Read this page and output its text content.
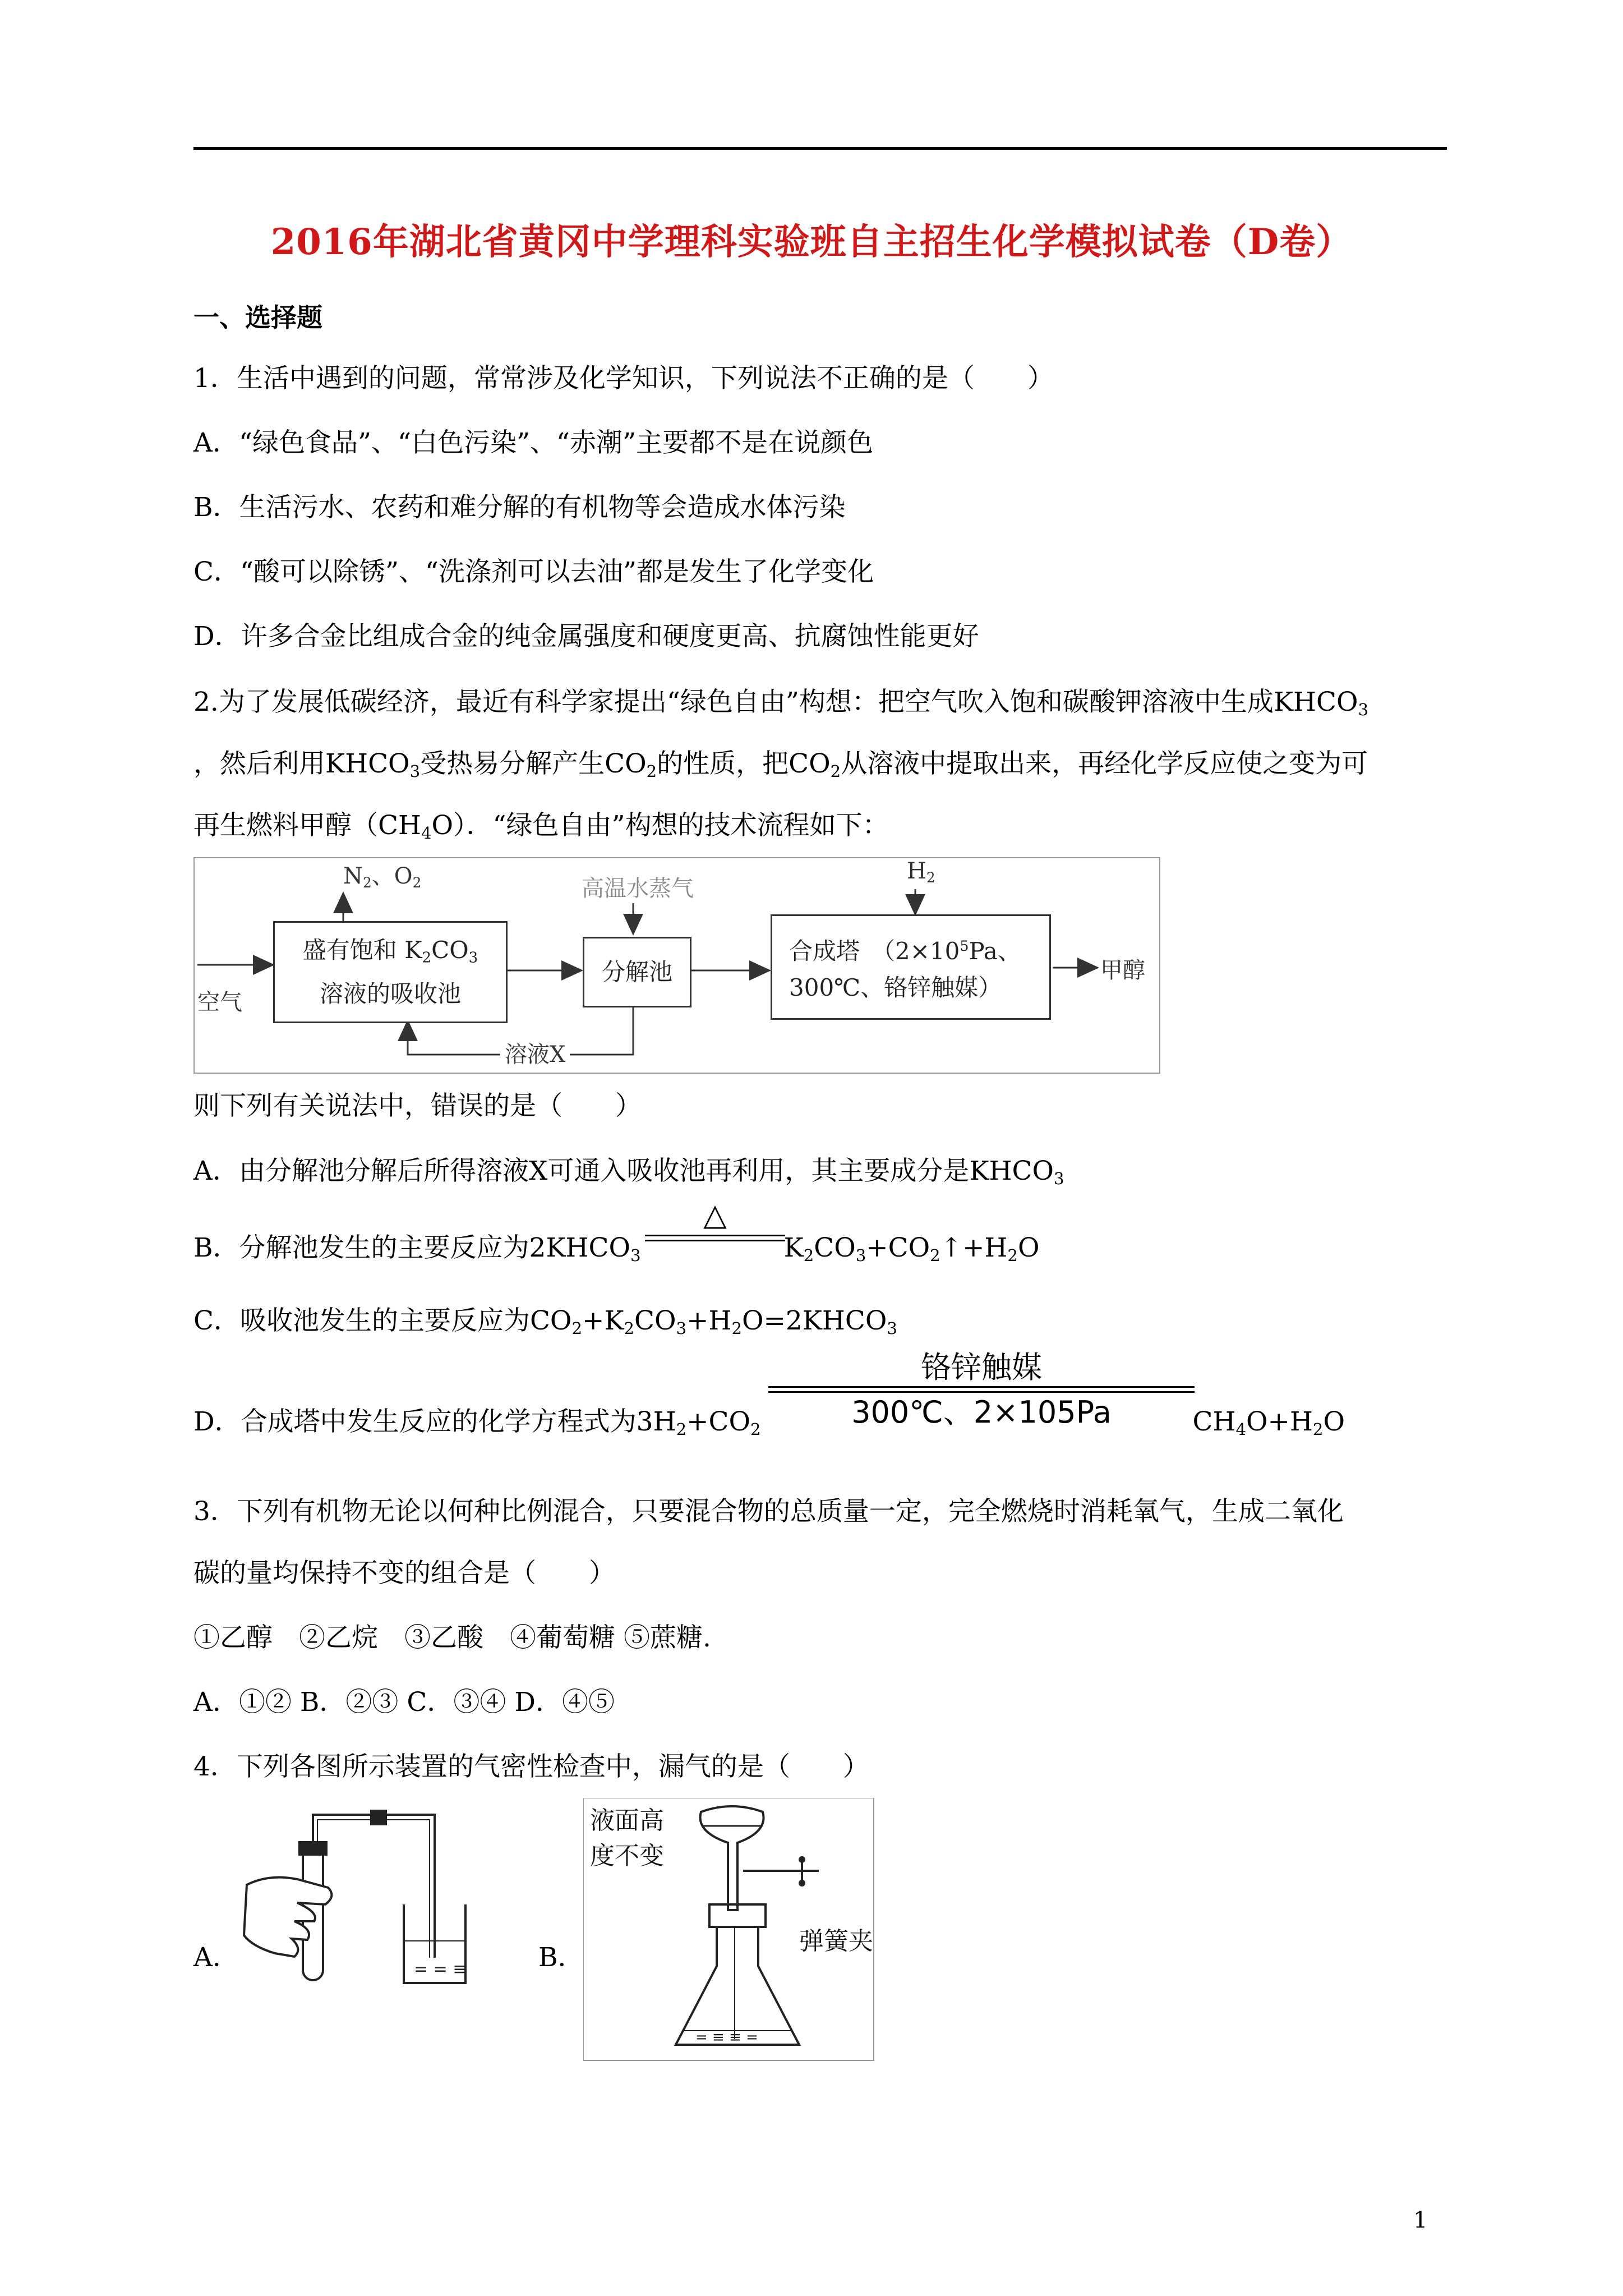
2016年湖北省黄冈中学理科实验班自主招生化学模拟试卷（D卷）
一、选择题
1．生活中遇到的问题，常常涉及化学知识，下列说法不正确的是（　　）
A．“绿色食品”、“白色污染”、“赤潮”主要都不是在说颜色
B．生活污水、农药和难分解的有机物等会造成水体污染
C．“酸可以除锈”、“洗涤剂可以去油”都是发生了化学变化
D．许多合金比组成合金的纯金属强度和硬度更高、抗腐蚀性能更好
2.为了发展低碳经济，最近有科学家提出“绿色自由”构想：把空气吹入饱和碳酸钾溶液中生成$KHCO_3$
，然后利用$KHCO_3$受热易分解产生$CO_2$的性质，把$CO_2$从溶液中提取出来，再经化学反应使之变为可
再生燃料甲醇$(CH_4O)$．“绿色自由”构想的技术流程如下：
$N_2$、$O_2$	高温水蒸气
$H_2$
空气
甲醇
溶液X
盛有饱和 $K_2CO_3$
溶液的吸收池
分解池
合成塔　（$2\times 10^5Pa$、
300℃、铬锌触媒）
则下列有关说法中，错误的是（　　）
A．由分解池分解后所得溶液X可通入吸收池再利用，其主要成分是$KHCO_3$
B．分解池发生的主要反应为$2KHCO_3$	$K_2CO_3+CO_2↑+H_2O$
△
C．吸收池发生的主要反应为$CO_2+K_2CO_3+H_2O=2KHCO_3$
D．合成塔中发生反应的化学方程式为$3H_2+CO_2$	$CH_4O+H_2O$
铬锌触媒
300℃、2×105Pa
3．下列有机物无论以何种比例混合，只要混合物的总质量一定，完全燃烧时消耗氧气，生成二氧化
碳的量均保持不变的组合是（　　）
①乙醇　②乙烷　③乙酸　④葡萄糖 ⑤蔗糖.
A．①② B．②③ C．③④ D．④⑤
4．下列各图所示装置的气密性检查中，漏气的是（　　）
A．	= = ≡	B．
= ≡ ≡ =
液面高
度不变
弹簧夹
1
